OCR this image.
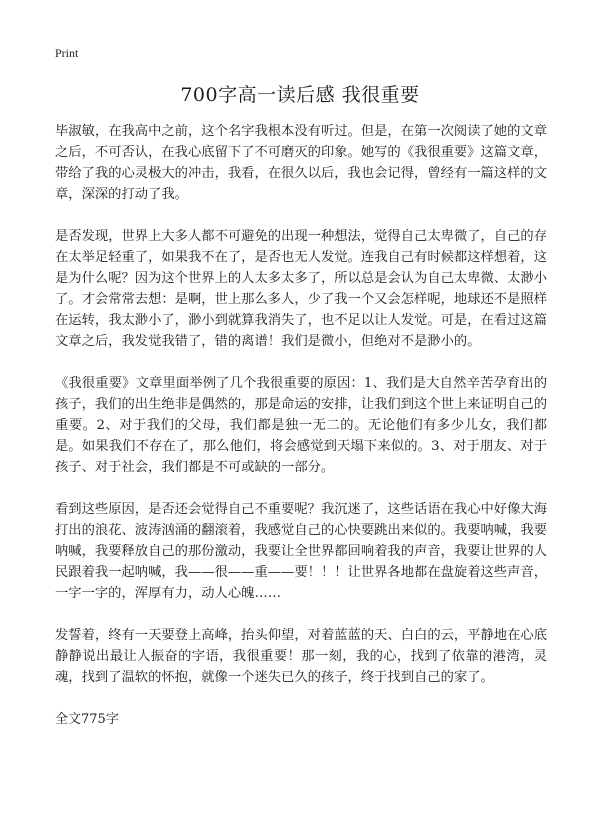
Print
700字高一读后感 我很重要

毕淑敏，在我高中之前，这个名字我根本没有听过。但是，在第一次阅读了她的文章之后，不可否认，在我心底留下了不可磨灭的印象。她写的《我很重要》这篇文章，带给了我的心灵极大的冲击，我看，在很久以后，我也会记得，曾经有一篇这样的文章，深深的打动了我。

是否发现，世界上大多人都不可避免的出现一种想法，觉得自己太卑微了，自己的存在太举足轻重了，如果我不在了，是否也无人发觉。连我自己有时候都这样想着，这是为什么呢？因为这个世界上的人太多太多了，所以总是会认为自己太卑微、太渺小了。才会常常去想：是啊，世上那么多人，少了我一个又会怎样呢，地球还不是照样在运转，我太渺小了，渺小到就算我消失了，也不足以让人发觉。可是，在看过这篇文章之后，我发觉我错了，错的离谱！我们是微小，但绝对不是渺小的。

《我很重要》文章里面举例了几个我很重要的原因：1、我们是大自然辛苦孕育出的孩子，我们的出生绝非是偶然的，那是命运的安排，让我们到这个世上来证明自己的重要。2、对于我们的父母，我们都是独一无二的。无论他们有多少儿女，我们都是。如果我们不存在了，那么他们，将会感觉到天塌下来似的。3、对于朋友、对于孩子、对于社会，我们都是不可或缺的一部分。

看到这些原因，是否还会觉得自己不重要呢？我沉迷了，这些话语在我心中好像大海打出的浪花、波涛汹涌的翻滚着，我感觉自己的心快要跳出来似的。我要呐喊，我要呐喊，我要释放自己的那份激动，我要让全世界都回响着我的声音，我要让世界的人民跟着我一起呐喊，我——很——重——要！！！让世界各地都在盘旋着这些声音，一字一字的，浑厚有力，动人心魄……

发誓着，终有一天要登上高峰，抬头仰望，对着蓝蓝的天、白白的云，平静地在心底静静说出最让人振奋的字语，我很重要！那一刻，我的心，找到了依靠的港湾，灵魂，找到了温软的怀抱，就像一个迷失已久的孩子，终于找到自己的家了。

全文775字
